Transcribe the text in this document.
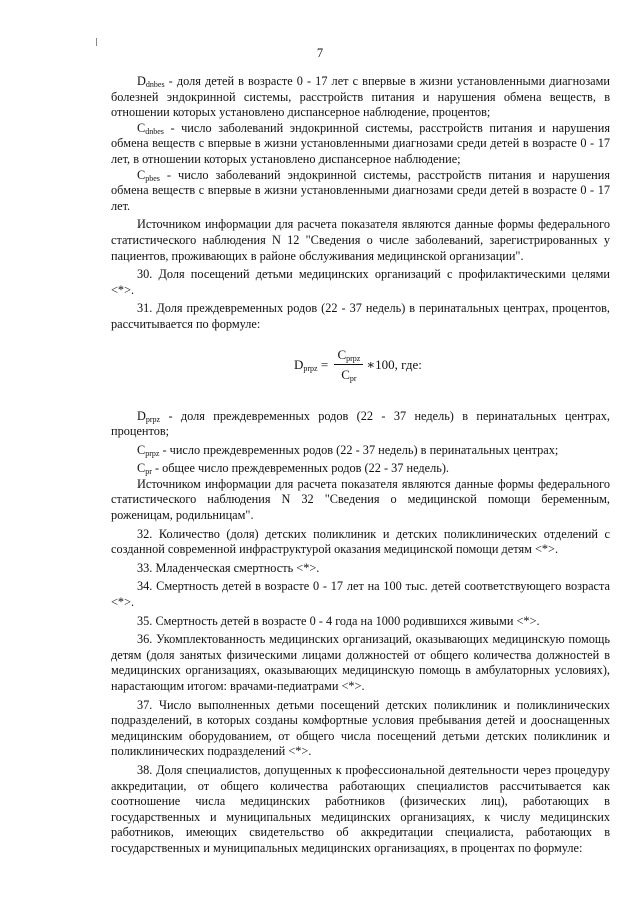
7

$D_{dnbes}$ - доля детей в возрасте 0 - 17 лет с впервые в жизни установленными диагнозами болезней эндокринной системы, расстройств питания и нарушения обмена веществ, в отношении которых установлено диспансерное наблюдение, процентов;

$C_{dnbes}$ - число заболеваний эндокринной системы, расстройств питания и нарушения обмена веществ с впервые в жизни установленными диагнозами среди детей в возрасте 0 - 17 лет, в отношении которых установлено диспансерное наблюдение;

$C_{pbes}$ - число заболеваний эндокринной системы, расстройств питания и нарушения обмена веществ с впервые в жизни установленными диагнозами среди детей в возрасте 0 - 17 лет.

Источником информации для расчета показателя являются данные формы федерального статистического наблюдения N 12 "Сведения о числе заболеваний, зарегистрированных у пациентов, проживающих в районе обслуживания медицинской организации".

30. Доля посещений детьми медицинских организаций с профилактическими целями <*>.

31. Доля преждевременных родов (22 - 37 недель) в перинатальных центрах, процентов, рассчитывается по формуле:

$D_{prpz} = \frac{C_{prpz}}{C_{pr}}$ ∗100, где:

$D_{prpz}$ - доля преждевременных родов (22 - 37 недель) в перинатальных центрах, процентов;

$C_{prpz}$ - число преждевременных родов (22 - 37 недель) в перинатальных центрах;

$C_{pr}$ - общее число преждевременных родов (22 - 37 недель).

Источником информации для расчета показателя являются данные формы федерального статистического наблюдения N 32 "Сведения о медицинской помощи беременным, роженицам, родильницам".

32. Количество (доля) детских поликлиник и детских поликлинических отделений с созданной современной инфраструктурой оказания медицинской помощи детям <*>.

33. Младенческая смертность <*>.

34. Смертность детей в возрасте 0 - 17 лет на 100 тыс. детей соответствующего возраста <*>.

35. Смертность детей в возрасте 0 - 4 года на 1000 родившихся живыми <*>.

36. Укомплектованность медицинских организаций, оказывающих медицинскую помощь детям (доля занятых физическими лицами должностей от общего количества должностей в медицинских организациях, оказывающих медицинскую помощь в амбулаторных условиях), нарастающим итогом: врачами-педиатрами <*>.

37. Число выполненных детьми посещений детских поликлиник и поликлинических подразделений, в которых созданы комфортные условия пребывания детей и дооснащенных медицинским оборудованием, от общего числа посещений детьми детских поликлиник и поликлинических подразделений <*>.

38. Доля специалистов, допущенных к профессиональной деятельности через процедуру аккредитации, от общего количества работающих специалистов рассчитывается как соотношение числа медицинских работников (физических лиц), работающих в государственных и муниципальных медицинских организациях, к числу медицинских работников, имеющих свидетельство об аккредитации специалиста, работающих в государственных и муниципальных медицинских организациях, в процентах по формуле:
